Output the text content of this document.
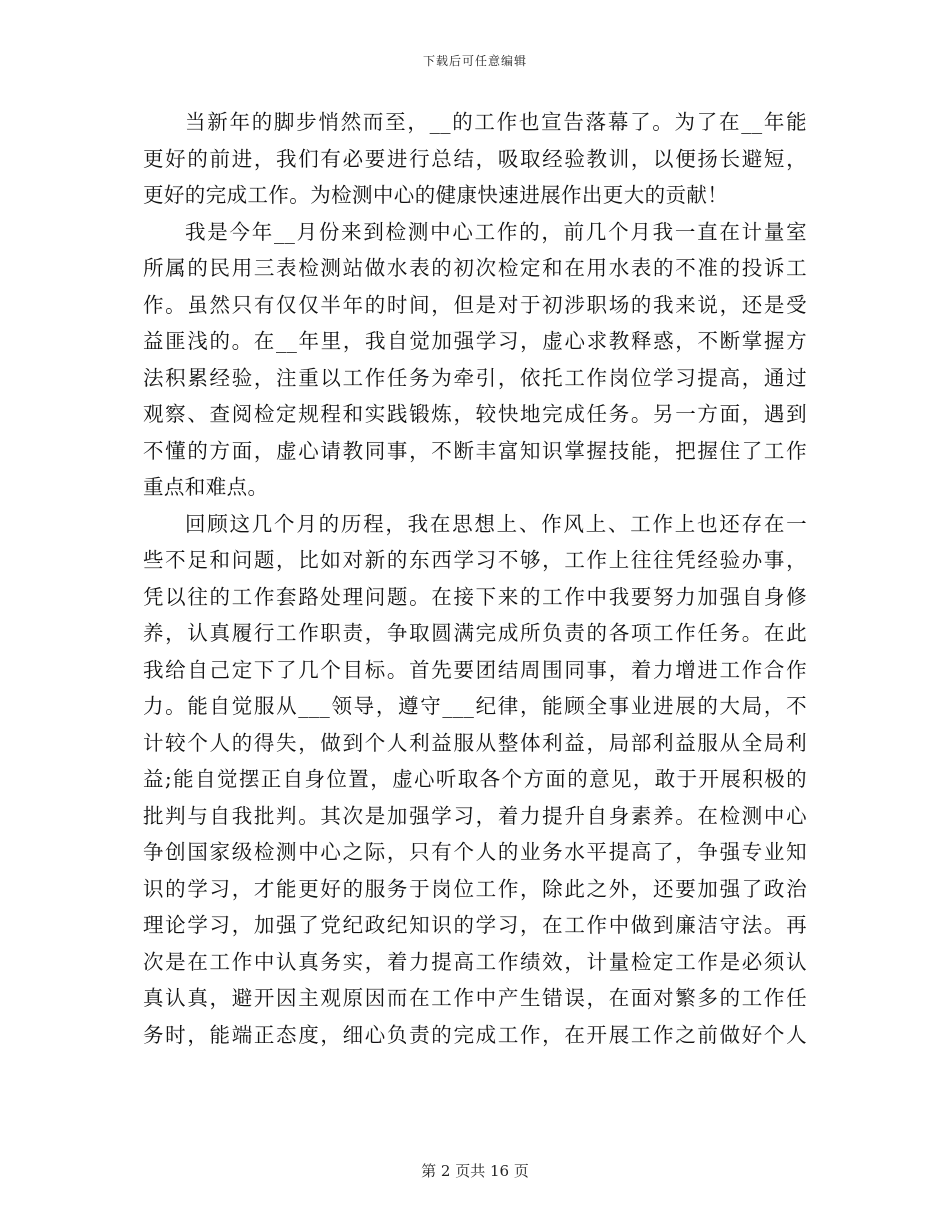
下载后可任意编辑
当新年的脚步悄然而至，__的工作也宣告落幕了。为了在__年能
更好的前进，我们有必要进行总结，吸取经验教训，以便扬长避短，
更好的完成工作。为检测中心的健康快速进展作出更大的贡献！
我是今年__月份来到检测中心工作的，前几个月我一直在计量室
所属的民用三表检测站做水表的初次检定和在用水表的不准的投诉工
作。虽然只有仅仅半年的时间，但是对于初涉职场的我来说，还是受
益匪浅的。在__年里，我自觉加强学习，虚心求教释惑，不断掌握方
法积累经验，注重以工作任务为牵引，依托工作岗位学习提高，通过
观察、查阅检定规程和实践锻炼，较快地完成任务。另一方面，遇到
不懂的方面，虚心请教同事，不断丰富知识掌握技能，把握住了工作
重点和难点。
回顾这几个月的历程，我在思想上、作风上、工作上也还存在一
些不足和问题，比如对新的东西学习不够，工作上往往凭经验办事，
凭以往的工作套路处理问题。在接下来的工作中我要努力加强自身修
养，认真履行工作职责，争取圆满完成所负责的各项工作任务。在此
我给自己定下了几个目标。首先要团结周围同事，着力增进工作合作
力。能自觉服从___领导，遵守___纪律，能顾全事业进展的大局，不
计较个人的得失，做到个人利益服从整体利益，局部利益服从全局利
益;能自觉摆正自身位置，虚心听取各个方面的意见，敢于开展积极的
批判与自我批判。其次是加强学习，着力提升自身素养。在检测中心
争创国家级检测中心之际，只有个人的业务水平提高了，争强专业知
识的学习，才能更好的服务于岗位工作，除此之外，还要加强了政治
理论学习，加强了党纪政纪知识的学习，在工作中做到廉洁守法。再
次是在工作中认真务实，着力提高工作绩效，计量检定工作是必须认
真认真，避开因主观原因而在工作中产生错误，在面对繁多的工作任
务时，能端正态度，细心负责的完成工作，在开展工作之前做好个人
第 2 页共 16 页
